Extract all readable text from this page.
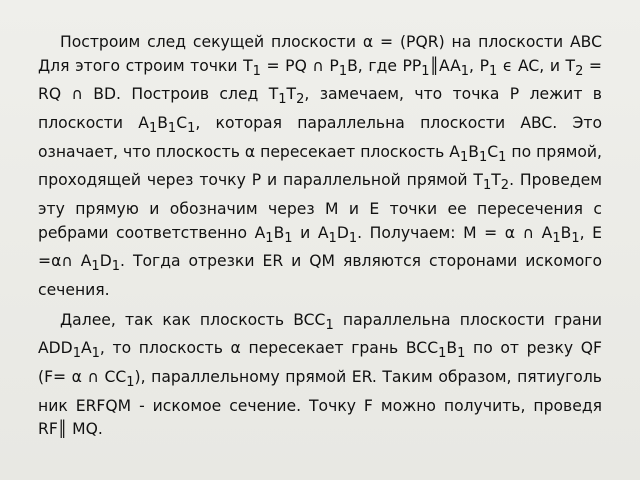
Построим след секущей плоскости α = (PQR) на плоскости ABC Для этого строим точки $T_1$ = PQ ∩ $P_1B$, где $PP_1║AA_1$, $P_1$ ϵ AC, и $T_2$ = RQ ∩ BD. Построив след $T_1T_2$, замечаем, что точка P лежит в плоскости $A_1B_1C_1$, которая параллельна плоскости ABC. Это означает, что плоскость α пересекает плоскость $A_1B_1C_1$ по прямой, проходящей через точку P и параллельной прямой $T_1T_2$. Проведем эту прямую и обозначим через M и E точки ее пересечения с ребрами соответственно $A_1B_1$ и $A_1D_1$. Получаем: M = α ∩ $A_1B_1$, E =α∩ $A_1D_1$. Тогда отрезки ER и QM являются сторонами искомого сечения.

Далее, так как плоскость $BCC_1$ параллельна плоскости грани $ADD_1A_1$, то плоскость α пересекает грань $BCC_1B_1$ по от резку QF (F= α ∩ $CC_1$), параллельному прямой ER. Таким образом, пятиуголь ник ERFQM - искомое сечение. Точку F можно получить, проведя RF║ MQ.
